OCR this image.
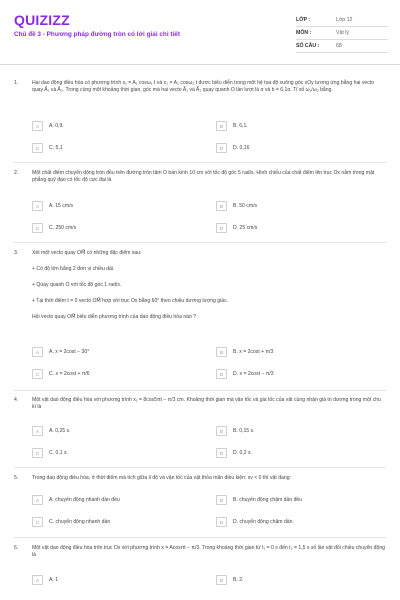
QUIZIZZ
Chủ đề 3 - Phương pháp đường tròn có lời giải chi tiết
LỚP :	Lớp 12
MÔN :	Vật lý
SỐ CÂU :	68
1.	Hai dao động điều hòa có phương trình x₁ = A₁ cosω₁ t và x₂ = A₂ cosω₂ t được biểu diễn trong một hệ tọa độ vuông góc xOy tương ứng bằng hai vecto quay A⃗₁ và A⃗₂. Trong cùng một khoảng thời gian, góc mà hai vecto A⃗₁ và A⃗₂ quay quanh O lần lượt là α và b = 6,1α. Tỉ số ω₁/ω₂ bằng

A	A. 0,9.	B	B. 6,1.
C	C. 5,1	D	D. 0,16
2.	Một chất điểm chuyển động tròn đều trên đường tròn tâm O bán kính 10 cm với tốc độ góc 5 rad/s. Hình chiếu của chất điểm lên trục Ox nằm trong mặt phẳng quỹ đạo có tốc độ cực đại là

A	A. 15 cm/s	B	B. 50 cm/s
C	C. 250 cm/s	D	D. 25 cm/s
3.	Xét một vecto quay OM⃗ có những đặc điểm sau:

+ Có độ lớn bằng 2 đơn vị chiều dài.

+ Quay quanh O với tốc độ góc 1 rad/s.

+ Tại thời điểm t = 0 vecto OM⃗ hợp với trục Ox bằng 60° theo chiều dương lượng giác.

Hỏi vecto quay OM⃗ biểu diễn phương trình của dao động điều hòa nào ?

A	A. x = 2cost − 30°	B	B. x = 2cost + π/3
C	C. x = 2cost + π/6	D	D. x = 2cost − π/3
4.	Một vật dao động điều hòa với phương trình x₁ = 8cos5πt − π/3 cm. Khoảng thời gian mà vận tốc và gia tốc của vật cùng nhận giá trị dương trong một chu kì là

A	A. 0,25 s.	B	B. 0,15 s.
C	C. 0,1 s.	D	D. 0,2 s.
5.	Trong dao động điều hòa, ở thời điểm mà tích giữa li độ và vận tốc của vật thỏa mãn điều kiện: xv < 0 thì vật đang:

A	A. chuyển động nhanh dần đều	B	B. chuyển động chậm dần đều
C	C. chuyển động nhanh dần	D	D. chuyển động chậm dần.
6.	Một vật dao động điều hòa trên trục Ox với phương trình x = Acosπt − π/3. Trong khoảng thời gian từ t₁ = 0 s đến t₂ = 1,5 s số lần vật đổi chiều chuyển động là

A	A. 1	B	B. 2.
